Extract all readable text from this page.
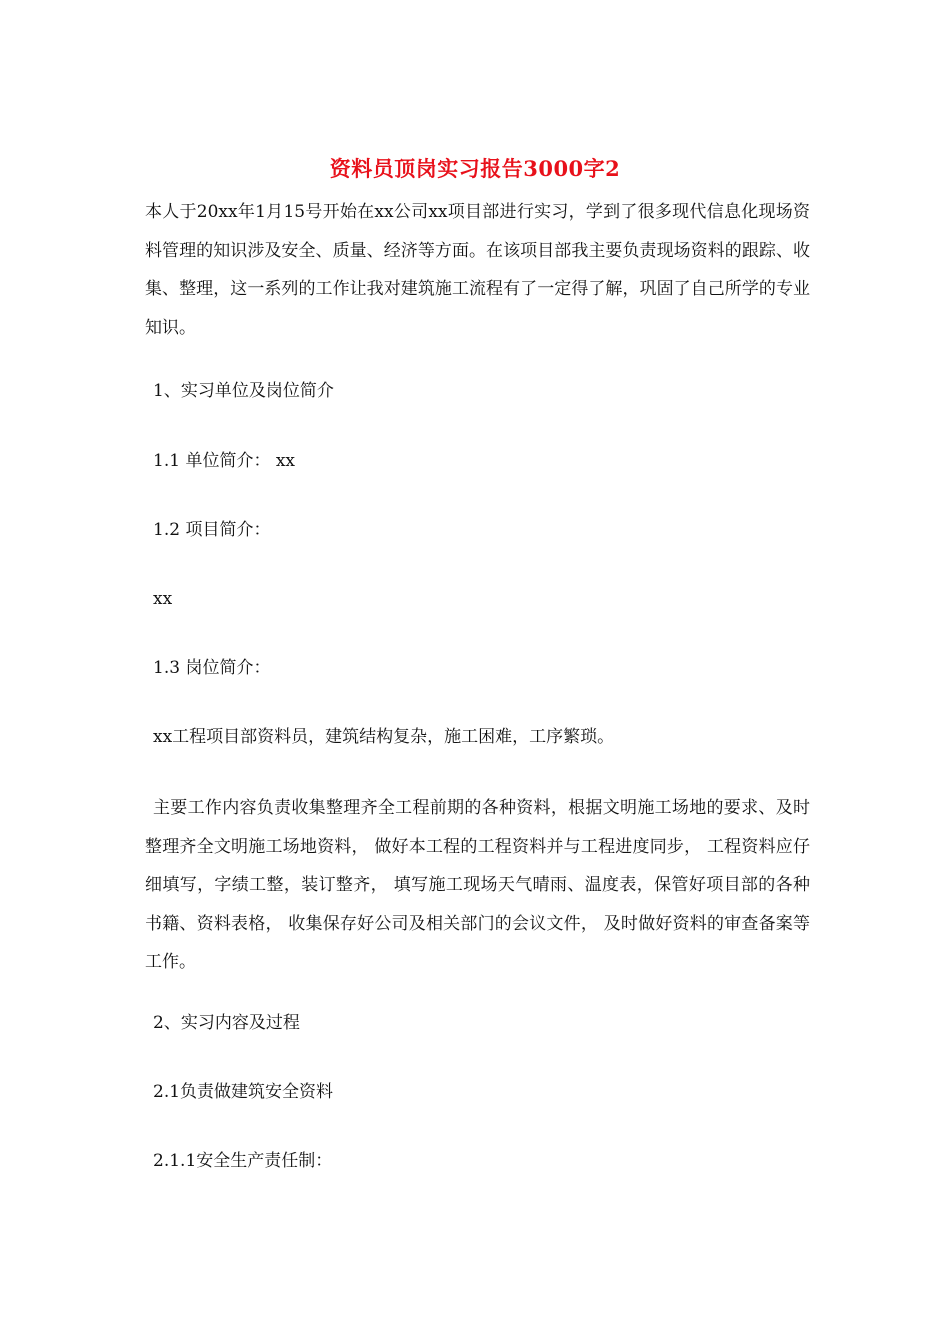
资料员顶岗实习报告3000字2

本人于20xx年1月15号开始在xx公司xx项目部进行实习，学到了很多现代信息化现场资料管理的知识涉及安全、质量、经济等方面。在该项目部我主要负责现场资料的跟踪、收集、整理，这一系列的工作让我对建筑施工流程有了一定得了解，巩固了自己所学的专业知识。

1、实习单位及岗位简介

1.1 单位简介： xx

1.2 项目简介：

xx

1.3 岗位简介：

xx工程项目部资料员，建筑结构复杂，施工困难，工序繁琐。

主要工作内容负责收集整理齐全工程前期的各种资料，根据文明施工场地的要求、及时整理齐全文明施工场地资料， 做好本工程的工程资料并与工程进度同步， 工程资料应仔细填写，字绩工整，装订整齐， 填写施工现场天气晴雨、温度表，保管好项目部的各种书籍、资料表格， 收集保存好公司及相关部门的会议文件， 及时做好资料的审查备案等工作。

2、实习内容及过程

2.1负责做建筑安全资料

2.1.1安全生产责任制：
